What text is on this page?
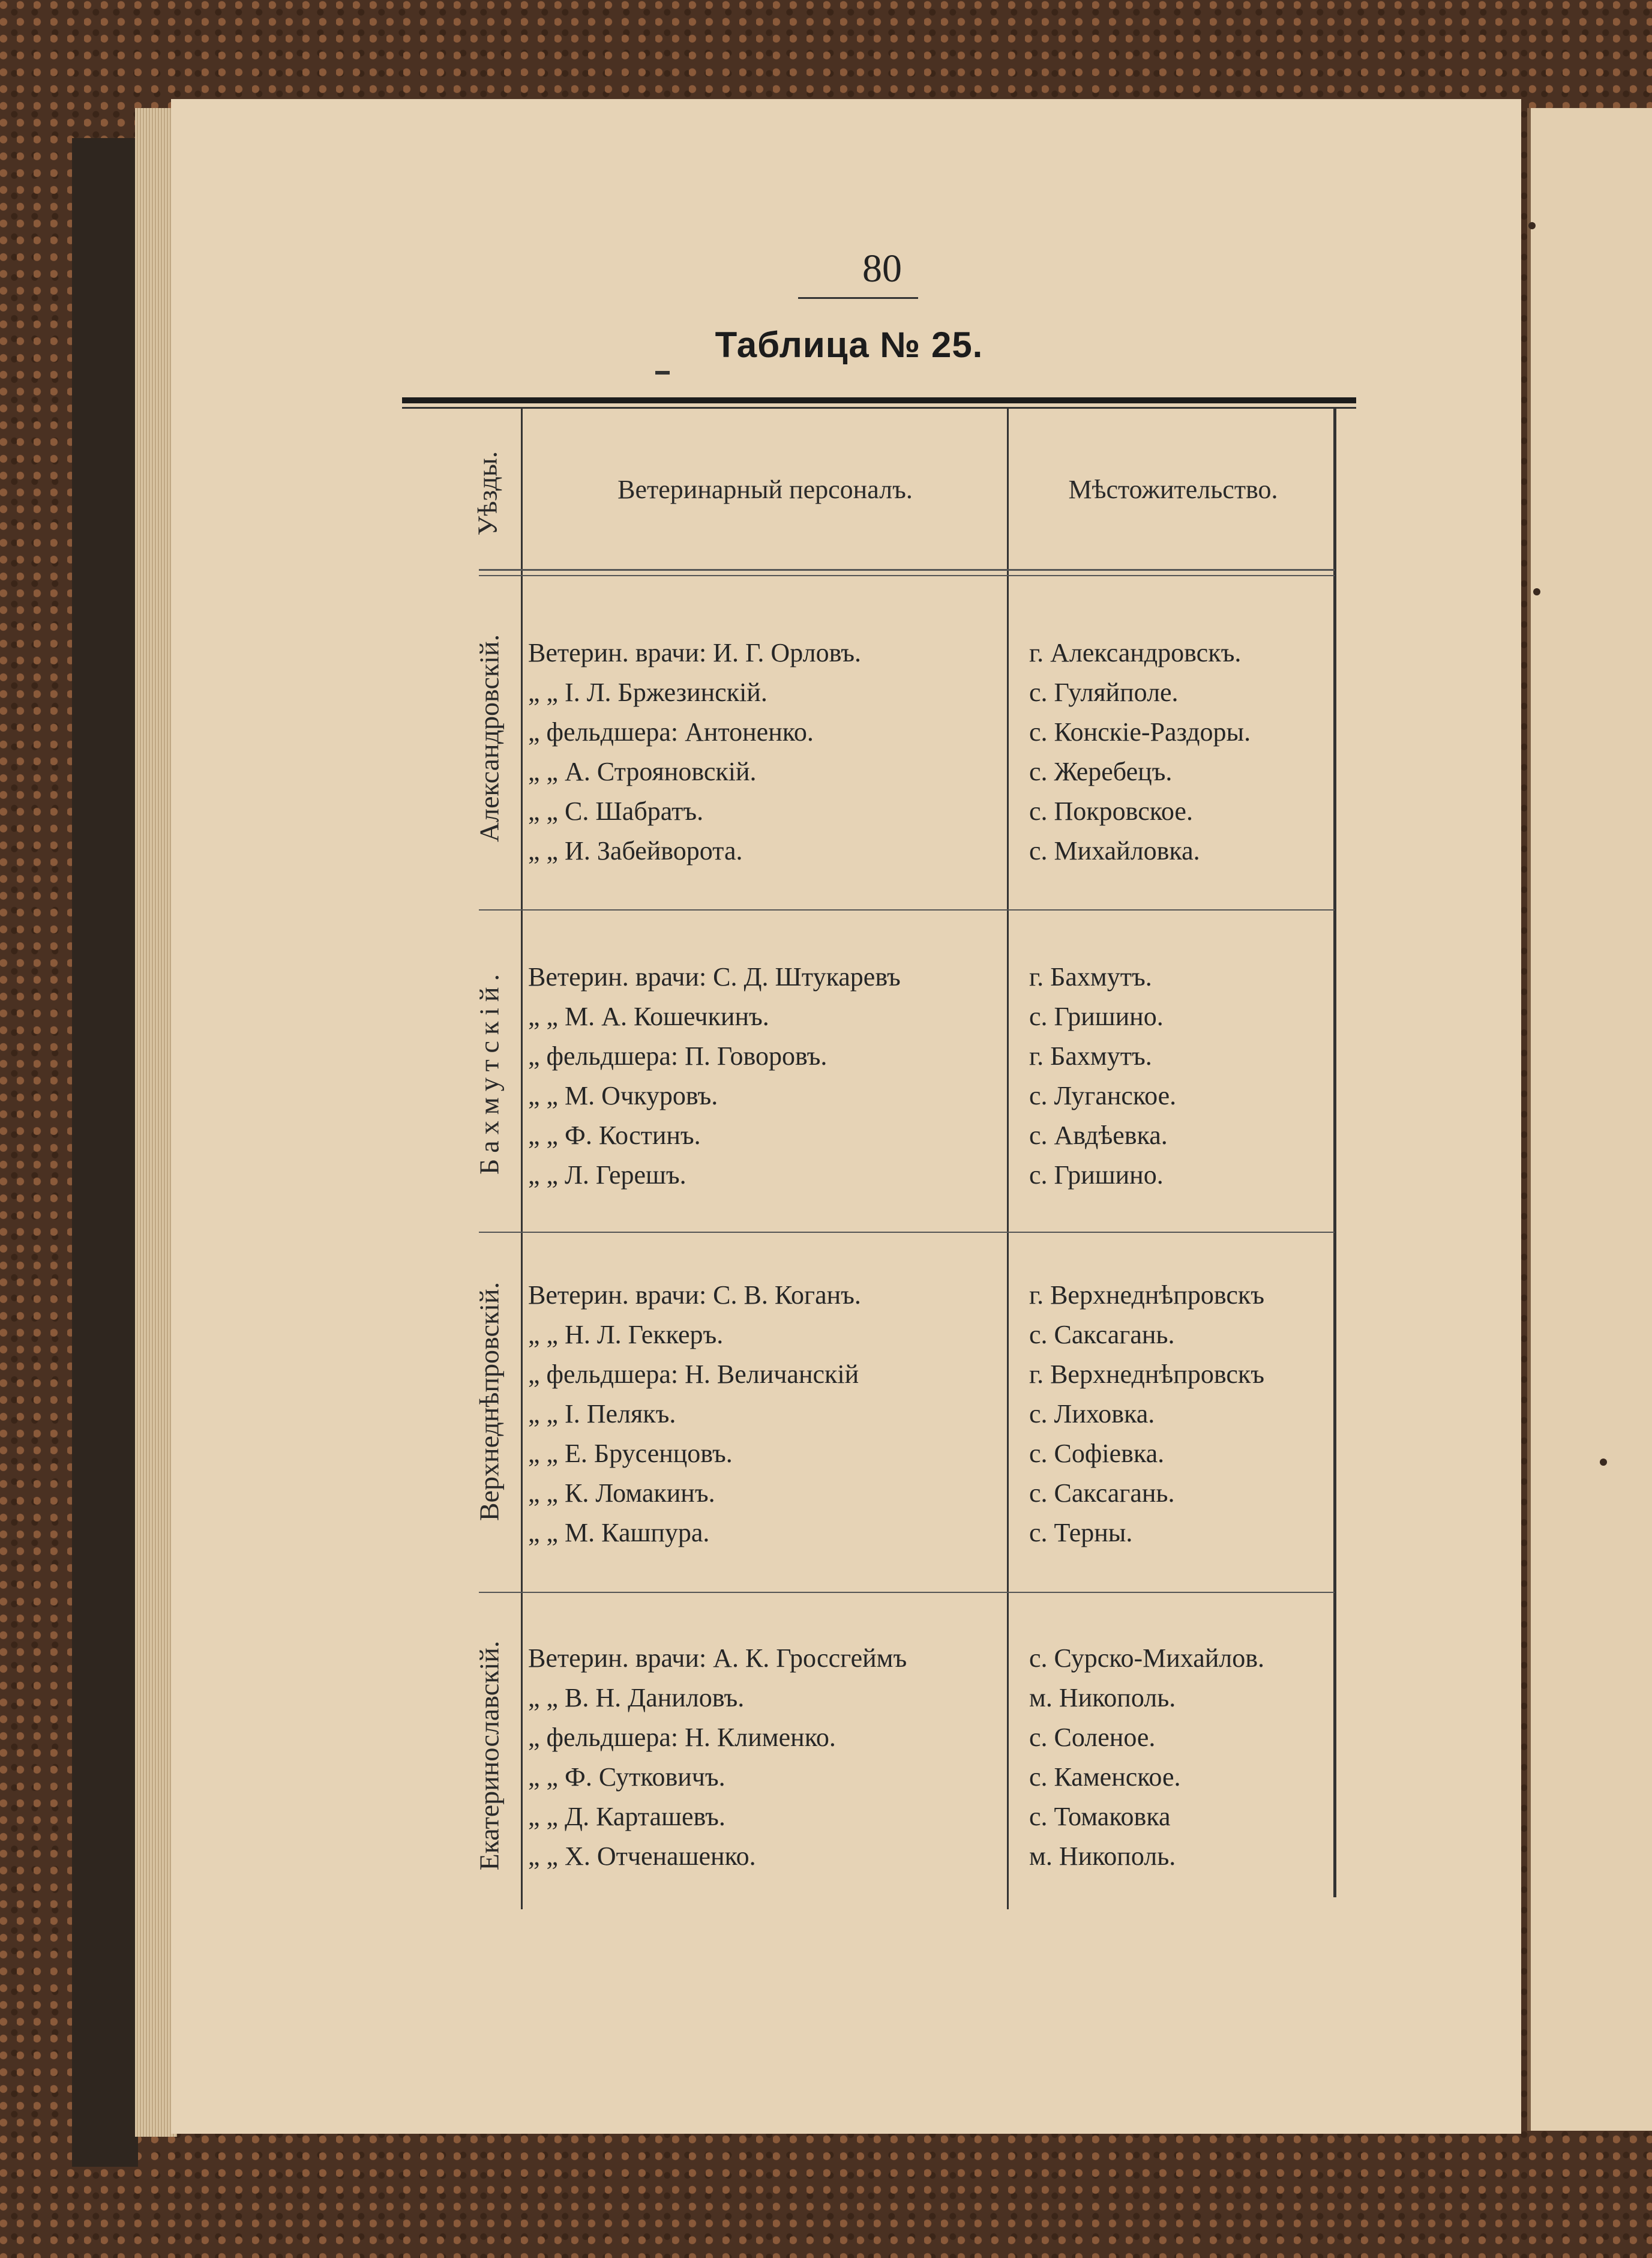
80
Таблица № 25.
Уѣзды.	Ветеринарный персоналъ.	Мѣстожительство.
Александровскій. Ветерин. врачи: И. Г. Орловъ.
„ „ I. Л. Бржезинскій.
„ фельдшера: Антоненко.
„ „ А. Строяновскій.
„ „ С. Шабратъ.
„ „ И. Забейворота.
г. Александровскъ.
с. Гуляйполе.
с. Конскіе-Раздоры.
с. Жеребецъ.
с. Покровское.
с. Михайловка.
Бахмутскій. Ветерин. врачи: С. Д. Штукаревъ
„ „ М. А. Кошечкинъ.
„ фельдшера: П. Говоровъ.
„ „ М. Очкуровъ.
„ „ Ф. Костинъ.
„ „ Л. Герешъ.
г. Бахмутъ.
с. Гришино.
г. Бахмутъ.
с. Луганское.
с. Авдѣевка.
с. Гришино.
Верхнеднѣпровскій. Ветерин. врачи: С. В. Коганъ.
„ „ Н. Л. Геккеръ.
„ фельдшера: Н. Величанскій
„ „ I. Пелякъ.
„ „ Е. Брусенцовъ.
„ „ К. Ломакинъ.
„ „ М. Кашпура.
г. Верхнеднѣпровскъ
с. Саксагань.
г. Верхнеднѣпровскъ
с. Лиховка.
с. Софіевка.
с. Саксагань.
с. Терны.
Екатеринославскій. Ветерин. врачи: А. К. Гроссгеймъ
„ „ В. Н. Даниловъ.
„ фельдшера: Н. Клименко.
„ „ Ф. Сутковичъ.
„ „ Д. Карташевъ.
„ „ Х. Отченашенко.
с. Сурско-Михайлов.
м. Никополь.
с. Соленое.
с. Каменское.
с. Томаковка
м. Никополь.
